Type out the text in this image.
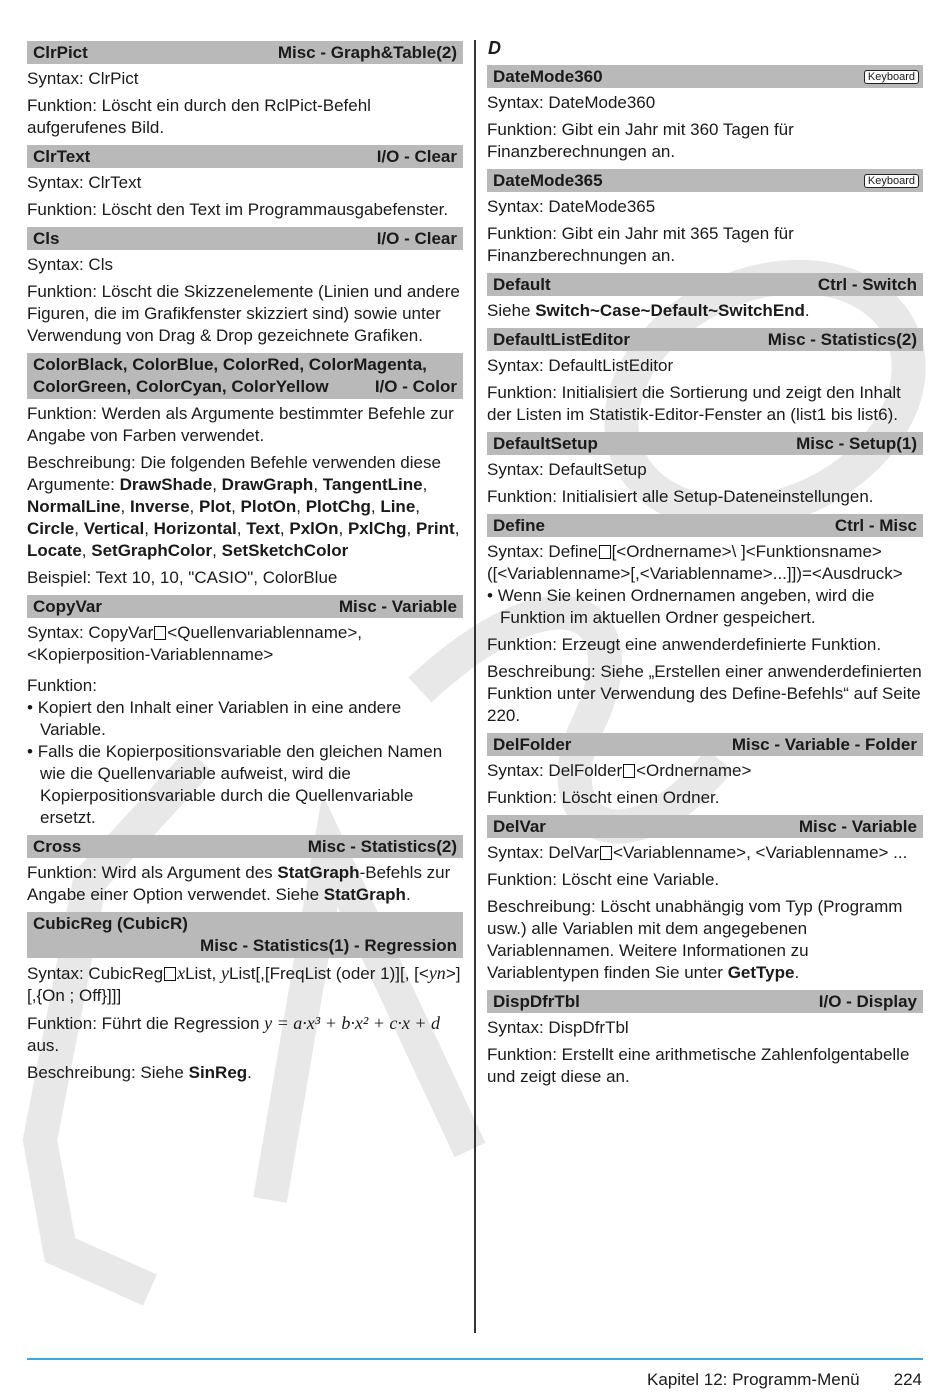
ClrPict	Misc - Graph&Table(2)

Syntax: ClrPict

Funktion: Löscht ein durch den RclPict-Befehl aufgerufenes Bild.

ClrText	I/O - Clear

Syntax: ClrText

Funktion: Löscht den Text im Programmausgabefenster.

Cls	I/O - Clear

Syntax: Cls

Funktion: Löscht die Skizzenelemente (Linien und andere Figuren, die im Grafikfenster skizziert sind) sowie unter Verwendung von Drag & Drop gezeichnete Grafiken.

ColorBlack, ColorBlue, ColorRed, ColorMagenta,
ColorGreen, ColorCyan, ColorYellow	I/O - Color

Funktion: Werden als Argumente bestimmter Befehle zur Angabe von Farben verwendet.

Beschreibung: Die folgenden Befehle verwenden diese Argumente: DrawShade, DrawGraph, TangentLine, NormalLine, Inverse, Plot, PlotOn, PlotChg, Line, Circle, Vertical, Horizontal, Text, PxlOn, PxlChg, Print, Locate, SetGraphColor, SetSketchColor

Beispiel: Text 10, 10, "CASIO", ColorBlue

CopyVar	Misc - Variable

Syntax: CopyVar <Quellenvariablenname>, <Kopierposition-Variablenname>

Funktion:

• Kopiert den Inhalt einer Variablen in eine andere Variable.
• Falls die Kopierpositionsvariable den gleichen Namen wie die Quellenvariable aufweist, wird die Kopierpositionsvariable durch die Quellenvariable ersetzt.
Cross	Misc - Statistics(2)

Funktion: Wird als Argument des StatGraph-Befehls zur Angabe einer Option verwendet. Siehe StatGraph.

CubicReg (CubicR)
Misc - Statistics(1) - Regression

Syntax: CubicReg xList, yList[,[FreqList (oder 1)][, [<yn>][,{On ; Off}]]]

Funktion: Führt die Regression y = a·x³ + b·x² + c·x + d aus.

Beschreibung: Siehe SinReg.

D
DateMode360	Keyboard

Syntax: DateMode360

Funktion: Gibt ein Jahr mit 360 Tagen für Finanzberechnungen an.

DateMode365	Keyboard

Syntax: DateMode365

Funktion: Gibt ein Jahr mit 365 Tagen für Finanzberechnungen an.

Default	Ctrl - Switch

Siehe Switch~Case~Default~SwitchEnd.

DefaultListEditor	Misc - Statistics(2)

Syntax: DefaultListEditor

Funktion: Initialisiert die Sortierung und zeigt den Inhalt der Listen im Statistik-Editor-Fenster an (list1 bis list6).

DefaultSetup	Misc - Setup(1)

Syntax: DefaultSetup

Funktion: Initialisiert alle Setup-Dateneinstellungen.

Define	Ctrl - Misc

Syntax: Define [<Ordnername>\ ]<Funktionsname>([<Variablenname>[,<Variablenname>...]])=<Ausdruck>

• Wenn Sie keinen Ordnernamen angeben, wird die Funktion im aktuellen Ordner gespeichert.

Funktion: Erzeugt eine anwenderdefinierte Funktion.

Beschreibung: Siehe „Erstellen einer anwenderdefinierten Funktion unter Verwendung des Define-Befehls“ auf Seite 220.

DelFolder	Misc - Variable - Folder

Syntax: DelFolder <Ordnername>

Funktion: Löscht einen Ordner.

DelVar	Misc - Variable

Syntax: DelVar <Variablenname>, <Variablenname> ...

Funktion: Löscht eine Variable.

Beschreibung: Löscht unabhängig vom Typ (Programm usw.) alle Variablen mit dem angegebenen Variablennamen. Weitere Informationen zu Variablentypen finden Sie unter GetType.

DispDfrTbl	I/O - Display

Syntax: DispDfrTbl

Funktion: Erstellt eine arithmetische Zahlenfolgentabelle und zeigt diese an.

Kapitel 12: Programm-Menü 224
